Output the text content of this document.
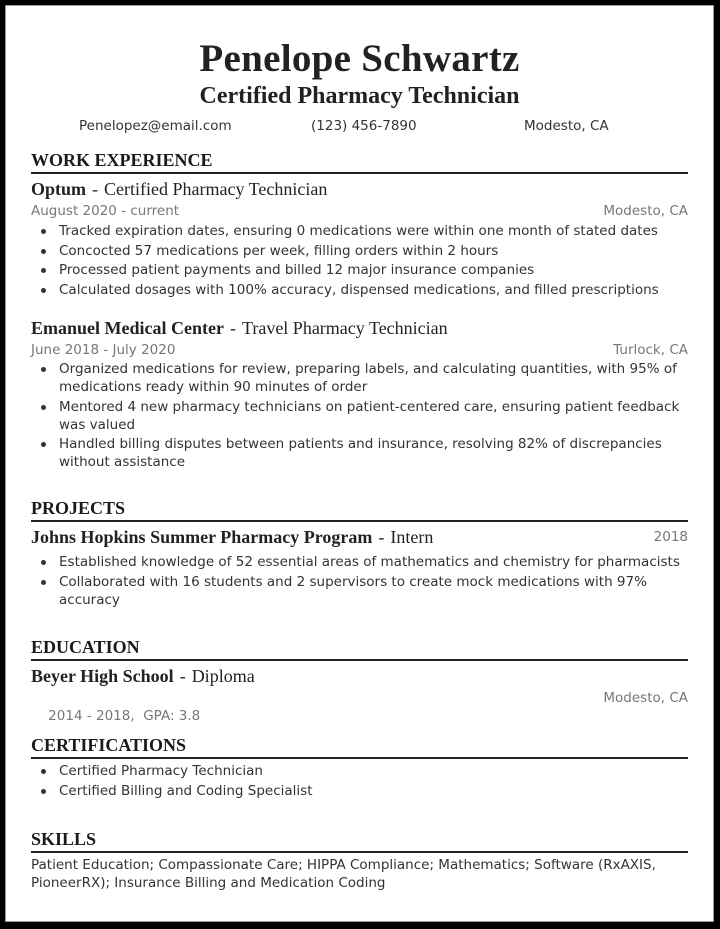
Penelope Schwartz
Certified Pharmacy Technician
Penelopez@email.com	(123) 456-7890	Modesto, CA
WORK EXPERIENCE
Optum - Certified Pharmacy Technician
August 2020 - current	Modesto, CA
Tracked expiration dates, ensuring 0 medications were within one month of stated dates
Concocted 57 medications per week, filling orders within 2 hours
Processed patient payments and billed 12 major insurance companies
Calculated dosages with 100% accuracy, dispensed medications, and filled prescriptions
Emanuel Medical Center - Travel Pharmacy Technician
June 2018 - July 2020	Turlock, CA
Organized medications for review, preparing labels, and calculating quantities, with 95% of medications ready within 90 minutes of order
Mentored 4 new pharmacy technicians on patient-centered care, ensuring patient feedback was valued
Handled billing disputes between patients and insurance, resolving 82% of discrepancies without assistance
PROJECTS
Johns Hopkins Summer Pharmacy Program - Intern	2018
Established knowledge of 52 essential areas of mathematics and chemistry for pharmacists
Collaborated with 16 students and 2 supervisors to create mock medications with 97% accuracy
EDUCATION
Beyer High School - Diploma

2014 - 2018,  GPA: 3.8

Modesto, CA

CERTIFICATIONS
Certified Pharmacy Technician
Certified Billing and Coding Specialist
SKILLS
Patient Education; Compassionate Care; HIPPA Compliance; Mathematics; Software (RxAXIS, PioneerRX); Insurance Billing and Medication Coding
